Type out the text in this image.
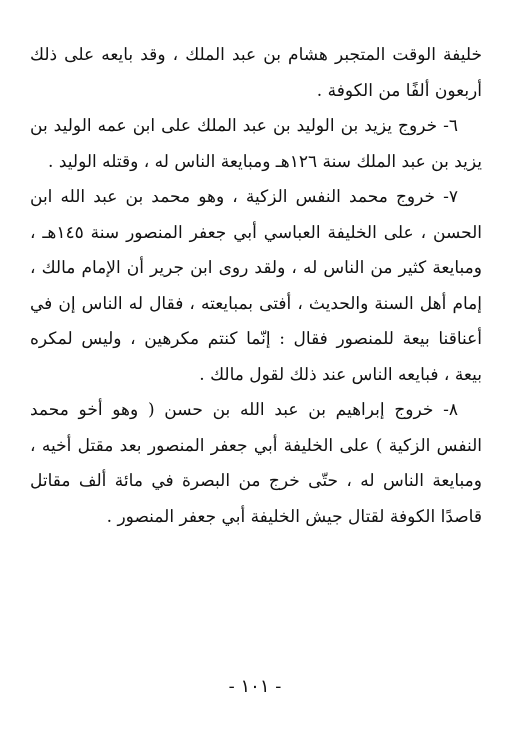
خليفة الوقت المتجبر هشام بن عبد الملك ، وقد بايعه على ذلك أربعون ألفًا من الكوفة .

٦- خروج يزيد بن الوليد بن عبد الملك على ابن عمه الوليد بن يزيد بن عبد الملك سنة ١٢٦هـ ومبايعة الناس له ، وقتله الوليد .

٧- خروج محمد النفس الزكية ، وهو محمد بن عبد الله ابن الحسن ، على الخليفة العباسي أبي جعفر المنصور سنة ١٤٥هـ ، ومبايعة كثير من الناس له ، ولقد روى ابن جرير أن الإمام مالك ، إمام أهل السنة والحديث ، أفتى بمبايعته ، فقال له الناس إن في أعناقنا بيعة للمنصور فقال : إنّما كنتم مكرهين ، وليس لمكره بيعة ، فبايعه الناس عند ذلك لقول مالك .

٨- خروج إبراهيم بن عبد الله بن حسن ( وهو أخو محمد النفس الزكية ) على الخليفة أبي جعفر المنصور بعد مقتل أخيه ، ومبايعة الناس له ، حتّى خرج من البصرة في مائة ألف مقاتل قاصدًا الكوفة لقتال جيش الخليفة أبي جعفر المنصور .

- ١٠١ -
